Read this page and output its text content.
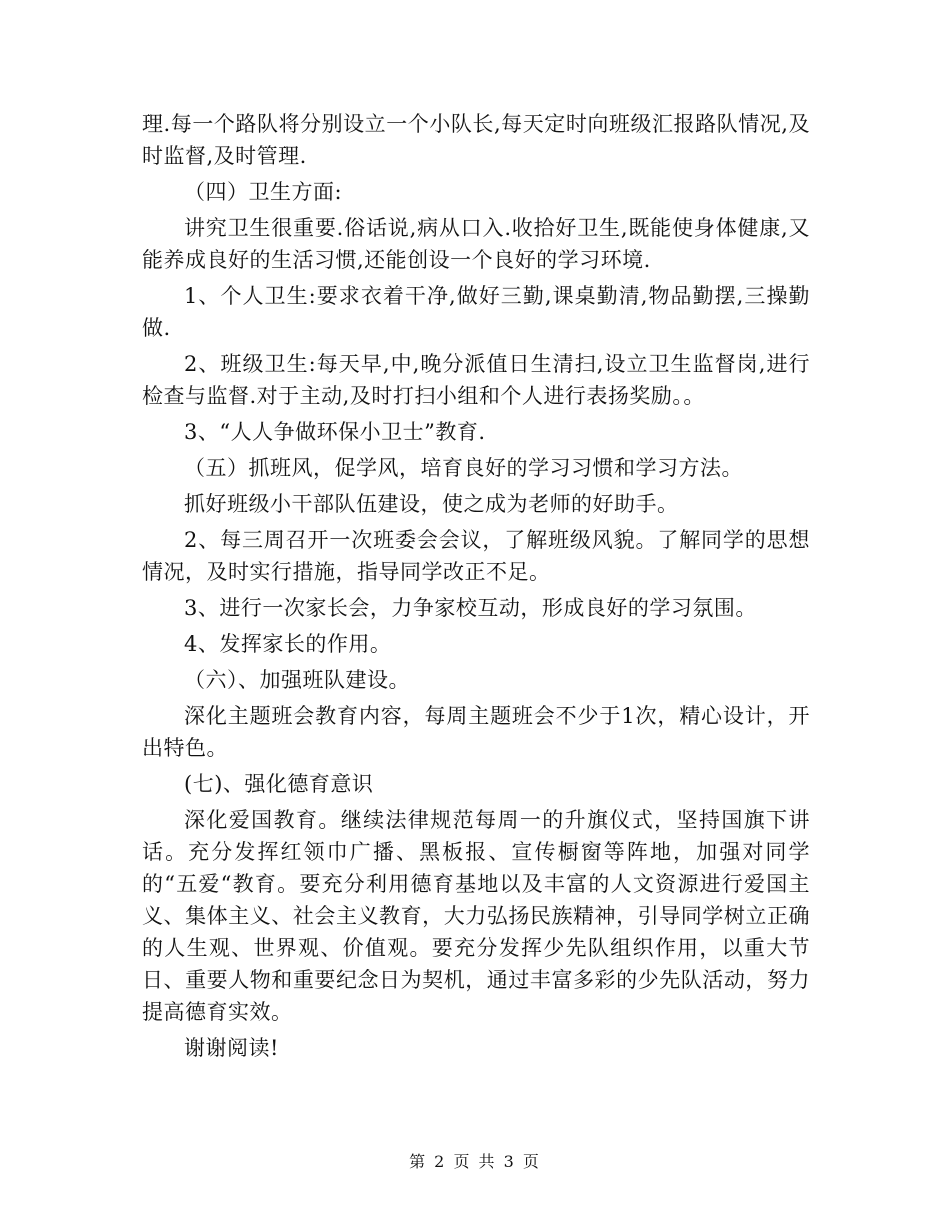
理.每一个路队将分别设立一个小队长,每天定时向班级汇报路队情况,及时监督,及时管理.

（四）卫生方面:

讲究卫生很重要.俗话说,病从口入.收拾好卫生,既能使身体健康,又能养成良好的生活习惯,还能创设一个良好的学习环境.

1、个人卫生:要求衣着干净,做好三勤,课桌勤清,物品勤摆,三操勤做.

2、班级卫生:每天早,中,晚分派值日生清扫,设立卫生监督岗,进行检查与监督.对于主动,及时打扫小组和个人进行表扬奖励。。

3、“人人争做环保小卫士”教育.

（五）抓班风，促学风，培育良好的学习习惯和学习方法。

抓好班级小干部队伍建设，使之成为老师的好助手。

2、每三周召开一次班委会会议，了解班级风貌。了解同学的思想情况，及时实行措施，指导同学改正不足。

3、进行一次家长会，力争家校互动，形成良好的学习氛围。

4、发挥家长的作用。

（六）、加强班队建设。

深化主题班会教育内容，每周主题班会不少于1次，精心设计，开出特色。

(七)、强化德育意识

深化爱国教育。继续法律规范每周一的升旗仪式，坚持国旗下讲话。充分发挥红领巾广播、黑板报、宣传橱窗等阵地，加强对同学的“五爱“教育。要充分利用德育基地以及丰富的人文资源进行爱国主义、集体主义、社会主义教育，大力弘扬民族精神，引导同学树立正确的人生观、世界观、价值观。要充分发挥少先队组织作用，以重大节日、重要人物和重要纪念日为契机，通过丰富多彩的少先队活动，努力提高德育实效。

谢谢阅读!

第 2 页 共 3 页
